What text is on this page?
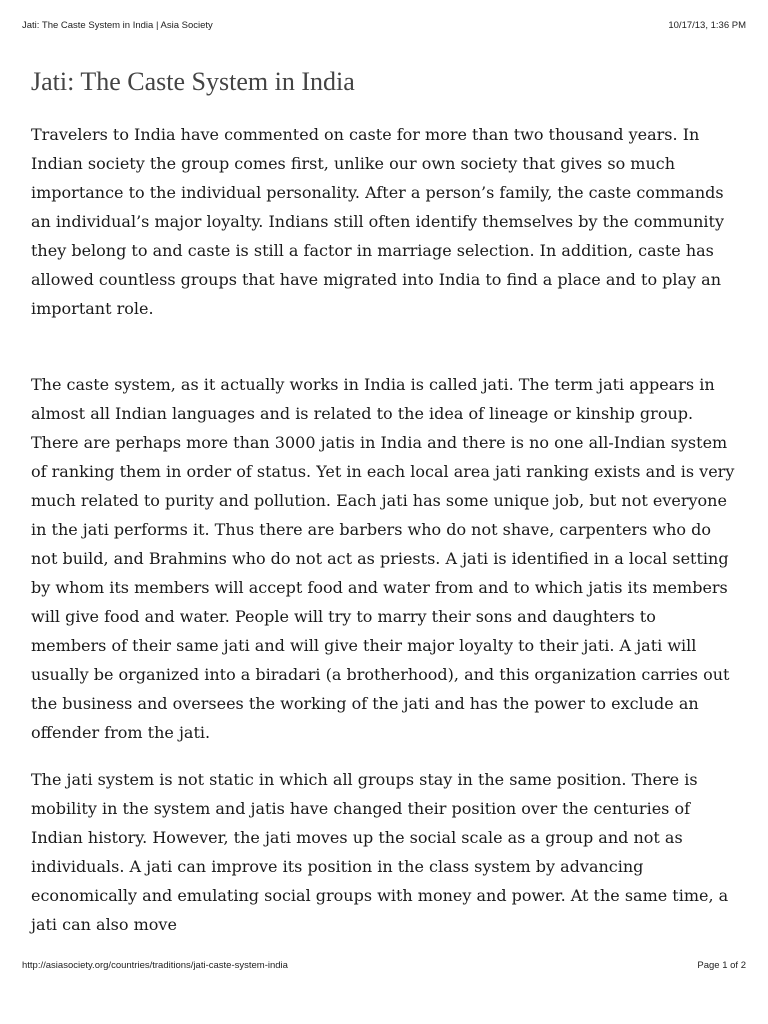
Jati: The Caste System in India | Asia Society	10/17/13, 1:36 PM
Jati: The Caste System in India

Travelers to India have commented on caste for more than two thousand years. In Indian society the group comes first, unlike our own society that gives so much importance to the individual personality. After a person’s family, the caste commands an individual’s major loyalty. Indians still often identify themselves by the community they belong to and caste is still a factor in marriage selection. In addition, caste has allowed countless groups that have migrated into India to find a place and to play an important role.

The caste system, as it actually works in India is called jati. The term jati appears in almost all Indian languages and is related to the idea of lineage or kinship group. There are perhaps more than 3000 jatis in India and there is no one all-Indian system of ranking them in order of status. Yet in each local area jati ranking exists and is very much related to purity and pollution. Each jati has some unique job, but not everyone in the jati performs it. Thus there are barbers who do not shave, carpenters who do not build, and Brahmins who do not act as priests. A jati is identified in a local setting by whom its members will accept food and water from and to which jatis its members will give food and water. People will try to marry their sons and daughters to members of their same jati and will give their major loyalty to their jati. A jati will usually be organized into a biradari (a brotherhood), and this organization carries out the business and oversees the working of the jati and has the power to exclude an offender from the jati.

The jati system is not static in which all groups stay in the same position. There is mobility in the system and jatis have changed their position over the centuries of Indian history. However, the jati moves up the social scale as a group and not as individuals. A jati can improve its position in the class system by advancing economically and emulating social groups with money and power. At the same time, a jati can also move

http://asiasociety.org/countries/traditions/jati-caste-system-india	Page 1 of 2
